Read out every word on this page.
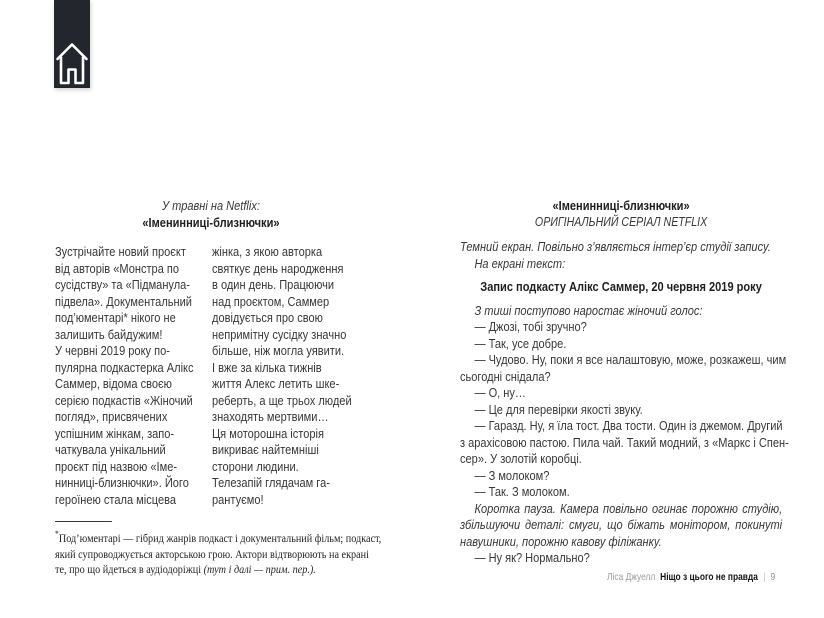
У травні на Netflix:
«Іменинниці-близнючки»
Зустрічайте новий проєкт
від авторів «Монстра по
сусідству» та «Підманула-
підвела». Документальний
под’юментарі* нікого не
залишить байдужим!
У червні 2019 року по-
пулярна подкастерка Алікс
Саммер, відома своєю
серією подкастів «Жіночий
погляд», присвячених
успішним жінкам, запо-
чаткувала унікальний
проєкт під назвою «Іме-
нинниці-близнючки». Його
героїнею стала місцева
жінка, з якою авторка
святкує день народження
в один день. Працюючи
над проєктом, Саммер
довідується про свою
непримітну сусідку значно
більше, ніж могла уявити.
І вже за кілька тижнів
життя Алекс летить шке-
реберть, а ще трьох людей
знаходять мертвими…
Ця моторошна історія
викриває найтемніші
сторони людини.
Телезапій глядачам га-
рантуємо!
*Под’юментарі — гібрид жанрів подкаст і документальний фільм; подкаст,
який супроводжується акторською грою. Актори відтворюють на екрані
те, про що йдеться в аудіодоріжці (тут і далі — прим. пер.).
«Іменинниці-близнючки»
ОРИГІНАЛЬНИЙ СЕРІАЛ NETFLIX
Темний екран. Повільно з’являється інтер’єр студії запису.
На екрані текст:
Запис подкасту Алікс Саммер, 20 червня 2019 року
З тиші поступово наростає жіночий голос:
— Джозі, тобі зручно?
— Так, усе добре.
— Чудово. Ну, поки я все налаштовую, може, розкажеш, чим
сьогодні снідала?
— О, ну…
— Це для перевірки якості звуку.
— Гаразд. Ну, я їла тост. Два тости. Один із джемом. Другий
з арахісовою пастою. Пила чай. Такий модний, з «Маркс і Спен-
сер». У золотій коробці.
— З молоком?
— Так. З молоком.
Коротка пауза. Камера повільно огинає порожню студію,
збільшуючи деталі: смуги, що біжать монітором, покинуті
навушники, порожню кавову філіжанку.
— Ну як? Нормально?
Ліса Джуелл Ніщо з цього не правда | 9
